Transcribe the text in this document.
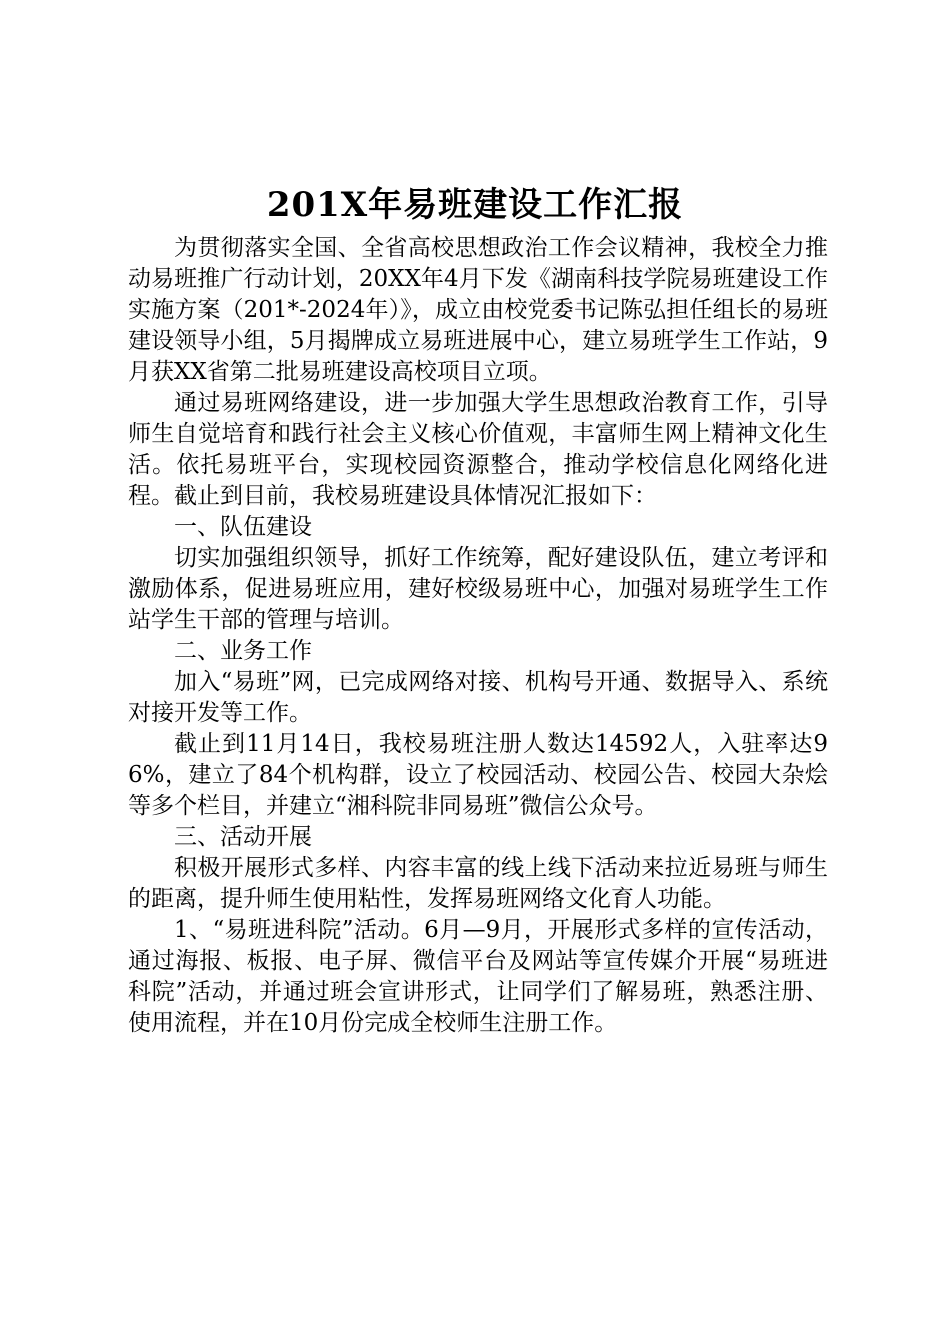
201X年易班建设工作汇报

为贯彻落实全国、全省高校思想政治工作会议精神，我校全力推动易班推广行动计划，20XX年4月下发《湖南科技学院易班建设工作实施方案（201*-2024年）》，成立由校党委书记陈弘担任组长的易班建设领导小组，5月揭牌成立易班进展中心，建立易班学生工作站，9月获XX省第二批易班建设高校项目立项。

通过易班网络建设，进一步加强大学生思想政治教育工作，引导师生自觉培育和践行社会主义核心价值观，丰富师生网上精神文化生活。依托易班平台，实现校园资源整合，推动学校信息化网络化进程。截止到目前，我校易班建设具体情况汇报如下：

一、队伍建设

切实加强组织领导，抓好工作统筹，配好建设队伍，建立考评和激励体系，促进易班应用，建好校级易班中心，加强对易班学生工作站学生干部的管理与培训。

二、业务工作

加入“易班”网，已完成网络对接、机构号开通、数据导入、系统对接开发等工作。

截止到11月14日，我校易班注册人数达14592人，入驻率达96%，建立了84个机构群，设立了校园活动、校园公告、校园大杂烩等多个栏目，并建立“湘科院非同易班”微信公众号。

三、活动开展

积极开展形式多样、内容丰富的线上线下活动来拉近易班与师生的距离，提升师生使用粘性，发挥易班网络文化育人功能。

1、“易班进科院”活动。6月—9月，开展形式多样的宣传活动，通过海报、板报、电子屏、微信平台及网站等宣传媒介开展“易班进科院”活动，并通过班会宣讲形式，让同学们了解易班，熟悉注册、使用流程，并在10月份完成全校师生注册工作。
